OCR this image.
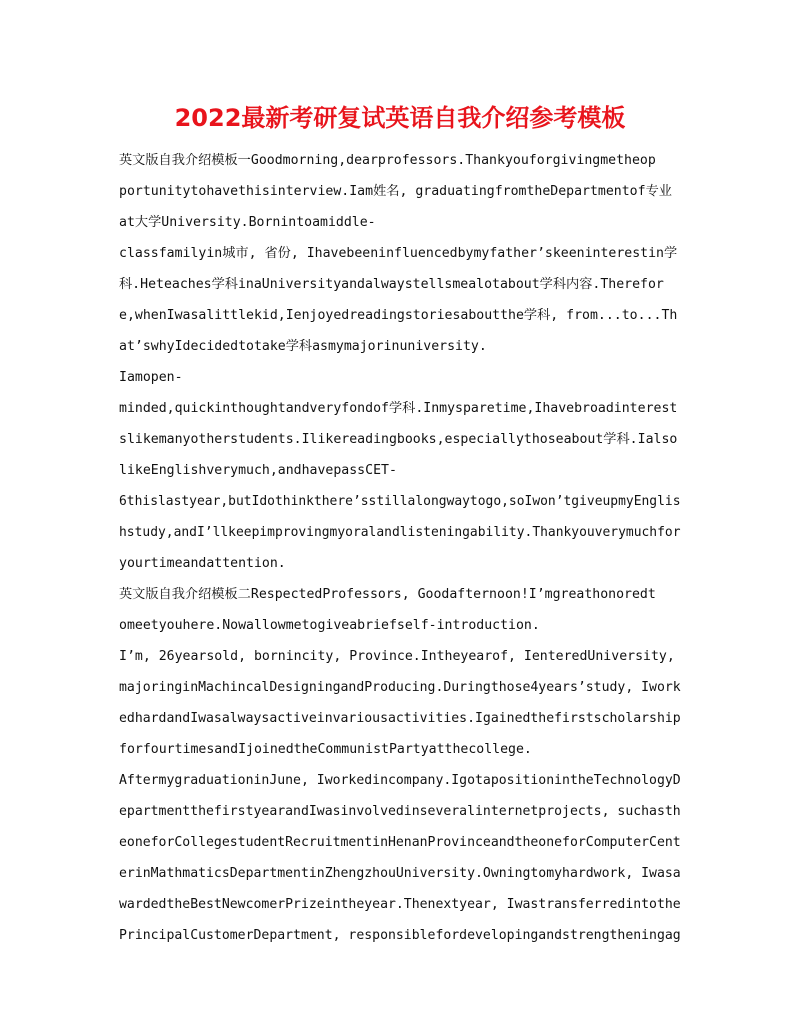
2022最新考研复试英语自我介绍参考模板
英文版自我介绍模板一Goodmorning,dearprofessors.Thankyouforgivingmetheop
portunitytohavethisinterview.Iam姓名, graduatingfromtheDepartmentof专业
at大学University.Bornintoamiddle-
classfamilyin城市, 省份, Ihavebeeninfluencedbymyfather’skeeninterestin学
科.Heteaches学科inaUniversityandalwaystellsmealotabout学科内容.Therefor
e,whenIwasalittlekid,Ienjoyedreadingstoriesaboutthe学科, from...to...Th
at’swhyIdecidedtotake学科asmymajorinuniversity.
Iamopen-
minded,quickinthoughtandveryfondof学科.Inmysparetime,Ihavebroadinterest
slikemanyotherstudents.Ilikereadingbooks,especiallythoseabout学科.Ialso
likeEnglishverymuch,andhavepassCET-
6thislastyear,butIdothinkthere’sstillalongwaytogo,soIwon’tgiveupmyEnglis
hstudy,andI’llkeepimprovingmyoralandlisteningability.Thankyouverymuchfor
yourtimeandattention.
英文版自我介绍模板二RespectedProfessors, Goodafternoon!I’mgreathonoredt
omeetyouhere.Nowallowmetogiveabriefself-introduction.
I’m, 26yearsold, bornincity, Province.Intheyearof, IenteredUniversity,
majoringinMachincalDesigningandProducing.Duringthose4years’study, Iwork
edhardandIwasalwaysactiveinvariousactivities.Igainedthefirstscholarship
forfourtimesandIjoinedtheCommunistPartyatthecollege.
AftermygraduationinJune, Iworkedincompany.IgotapositionintheTechnologyD
epartmentthefirstyearandIwasinvolvedinseveralinternetprojects, suchasth
eoneforCollegestudentRecruitmentinHenanProvinceandtheoneforComputerCent
erinMathmaticsDepartmentinZhengzhouUniversity.Owningtomyhardwork, Iwasa
wardedtheBestNewcomerPrizeintheyear.Thenextyear, Iwastransferredintothe
PrincipalCustomerDepartment, responsiblefordevelopingandstrengtheningag
